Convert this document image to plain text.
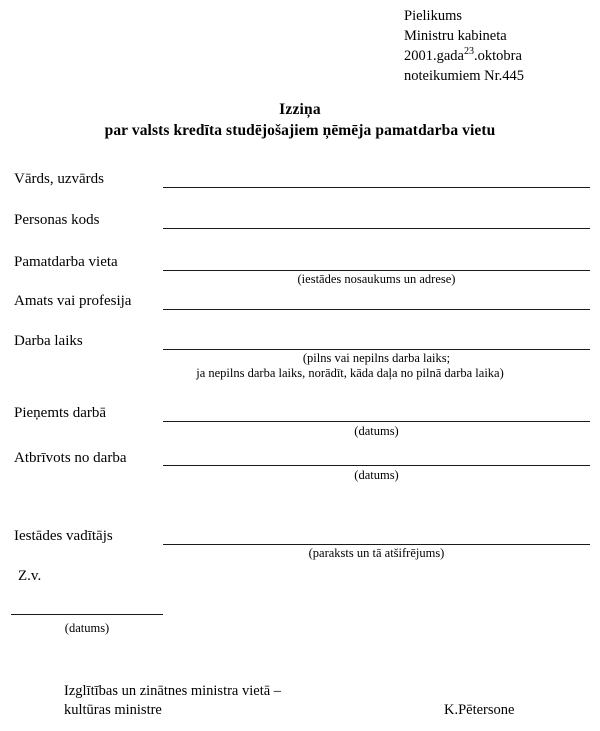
Pielikums
Ministru kabineta
2001.gada$^{23}$.oktobra
noteikumiem Nr.445
Izziņa
par valsts kredīta studējošajiem ņēmēja pamatdarba vietu
Vārds, uzvārds
Personas kods
Pamatdarba vieta
(iestādes nosaukums un adrese)
Amats vai profesija
Darba laiks
(pilns vai nepilns darba laiks;
ja nepilns darba laiks, norādīt, kāda daļa no pilnā darba laika)
Pieņemts darbā
(datums)
Atbrīvots no darba
(datums)
Iestādes vadītājs
(paraksts un tā atšifrējums)
Z.v.
(datums)
Izglītības un zinātnes ministra vietā –
kultūras ministre	K.Pētersone
